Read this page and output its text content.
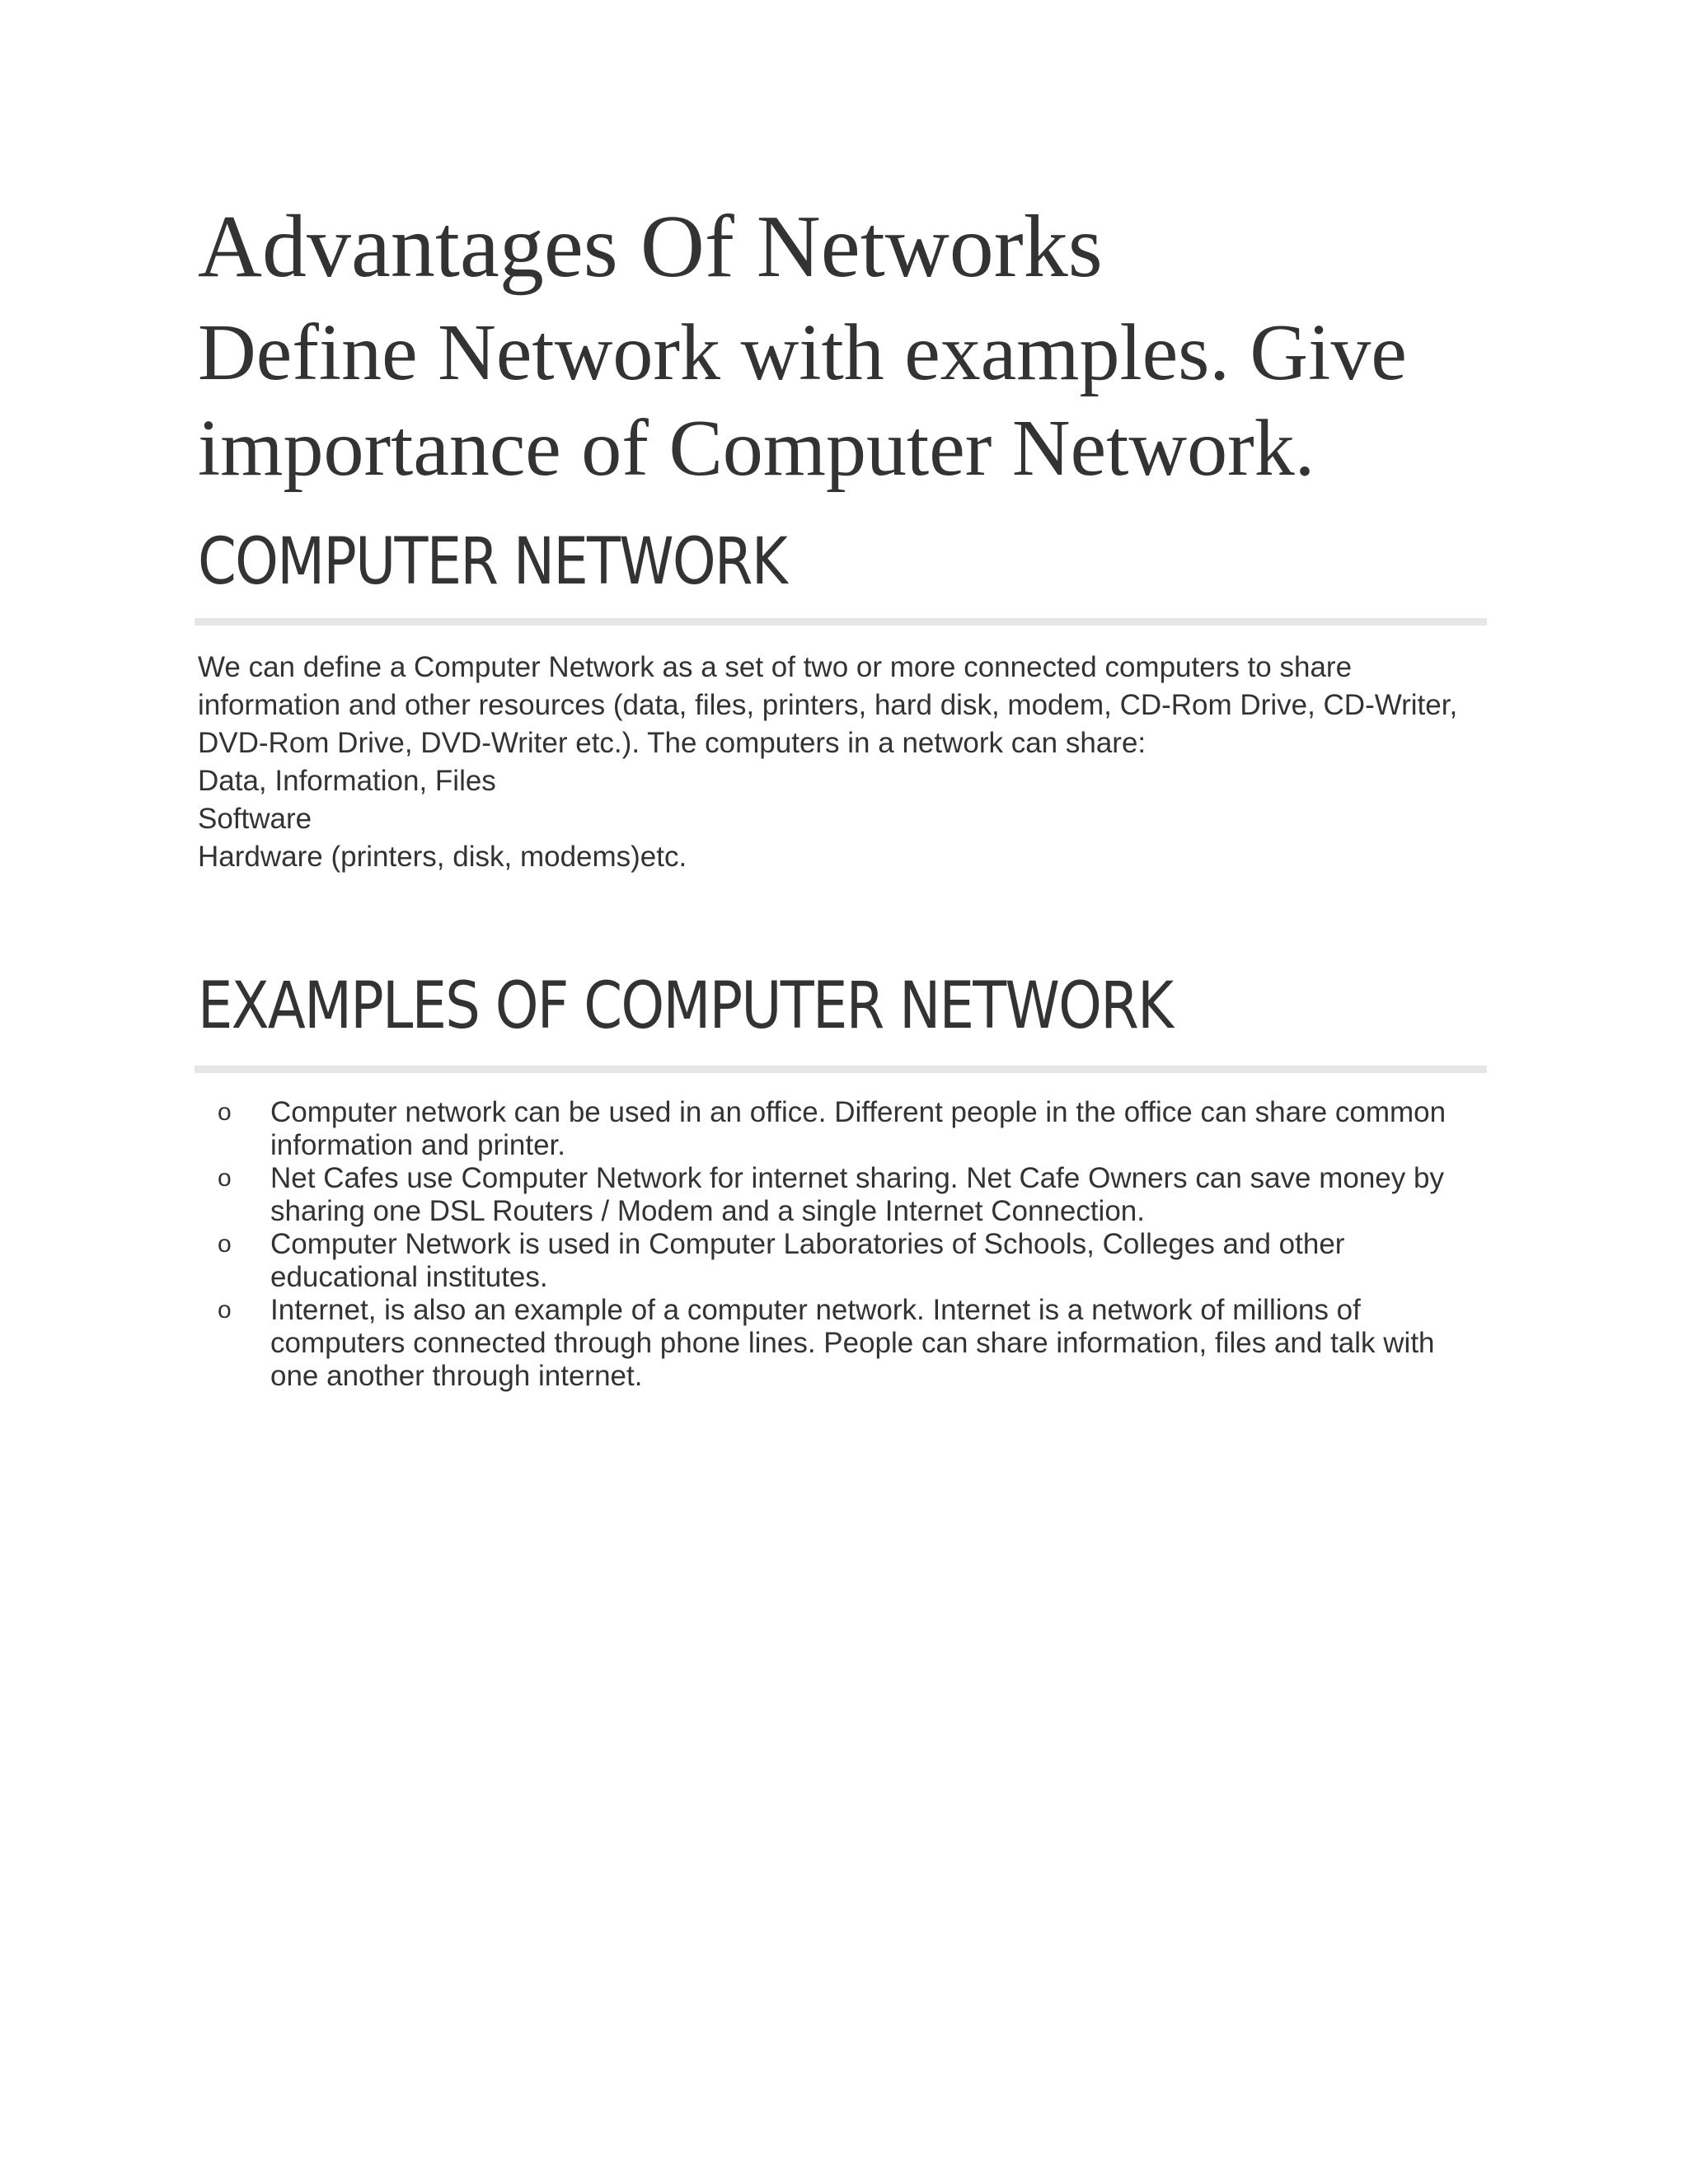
Advantages Of Networks
Define Network with examples. Give importance of Computer Network.
COMPUTER NETWORK

We can define a Computer Network as a set of two or more connected computers to share information and other resources (data, files, printers, hard disk, modem, CD-Rom Drive, CD-Writer, DVD-Rom Drive, DVD-Writer etc.). The computers in a network can share:

Data, Information, Files

Software

Hardware (printers, disk, modems)etc.

EXAMPLES OF COMPUTER NETWORK
o Computer network can be used in an office. Different people in the office can share common information and printer.
o Net Cafes use Computer Network for internet sharing. Net Cafe Owners can save money by sharing one DSL Routers / Modem and a single Internet Connection.
o Computer Network is used in Computer Laboratories of Schools, Colleges and other educational institutes.
o Internet, is also an example of a computer network. Internet is a network of millions of computers connected through phone lines. People can share information, files and talk with one another through internet.
